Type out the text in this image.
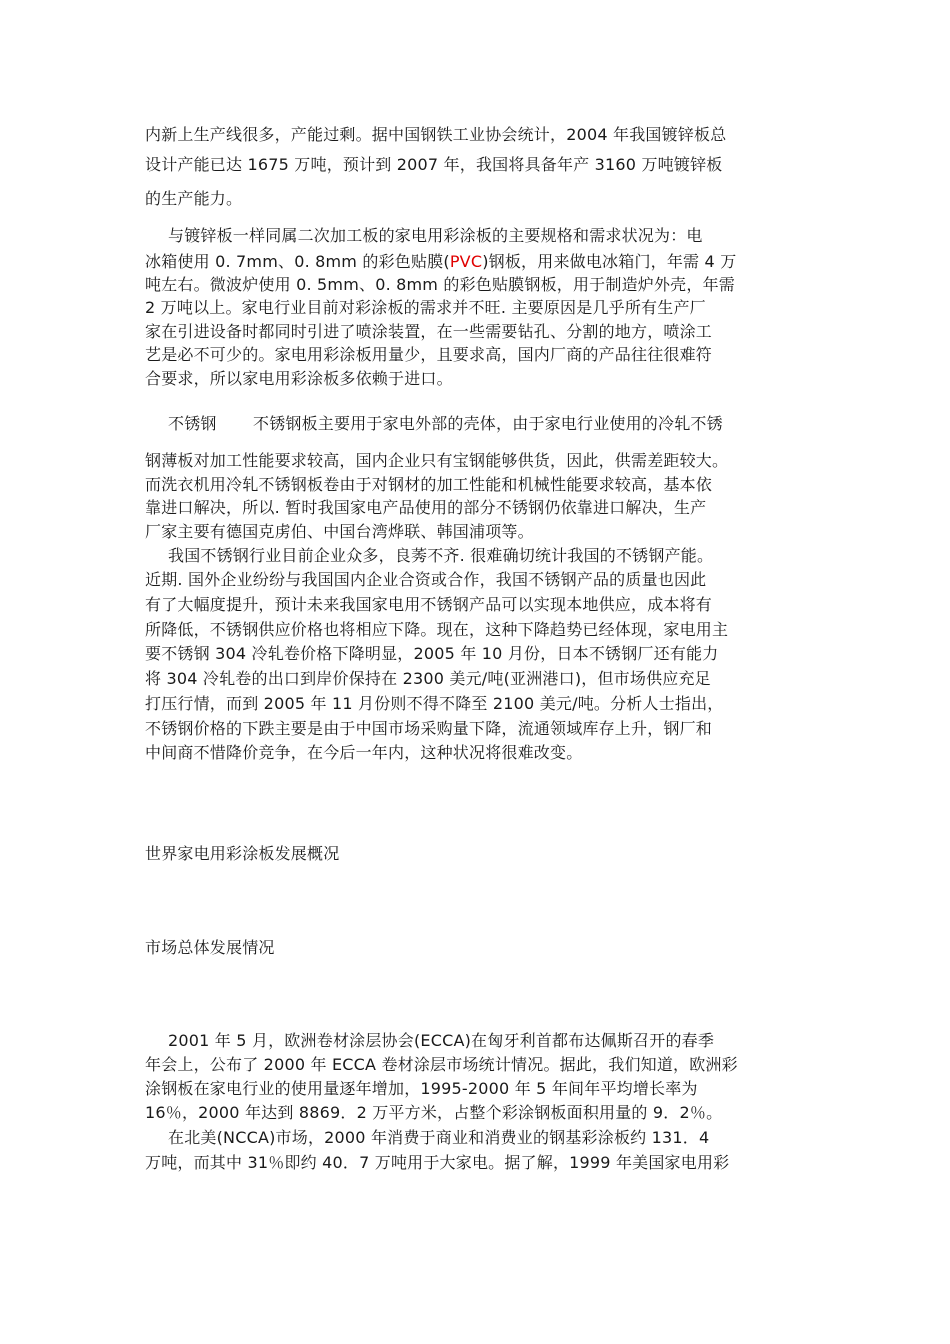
内新上生产线很多，产能过剩。据中国钢铁工业协会统计，2004 年我国镀锌板总
设计产能已达 1675 万吨，预计到 2007 年，我国将具备年产 3160 万吨镀锌板
的生产能力。
与镀锌板一样同属二次加工板的家电用彩涂板的主要规格和需求状况为：电
冰箱使用 0. 7mm、0. 8mm 的彩色贴膜(PVC)钢板，用来做电冰箱门，年需 4 万
吨左右。微波炉使用 0. 5mm、0. 8mm 的彩色贴膜钢板，用于制造炉外壳，年需
2 万吨以上。家电行业目前对彩涂板的需求并不旺. 主要原因是几乎所有生产厂
家在引进设备时都同时引进了喷涂装置，在一些需要钻孔、分割的地方，喷涂工
艺是必不可少的。家电用彩涂板用量少，且要求高，国内厂商的产品往往很难符
合要求，所以家电用彩涂板多依赖于进口。
不锈钢 不锈钢板主要用于家电外部的壳体，由于家电行业使用的冷轧不锈
钢薄板对加工性能要求较高，国内企业只有宝钢能够供货，因此，供需差距较大。
而洗衣机用冷轧不锈钢板卷由于对钢材的加工性能和机械性能要求较高，基本依
靠进口解决，所以. 暂时我国家电产品使用的部分不锈钢仍依靠进口解决，生产
厂家主要有德国克虏伯、中国台湾烨联、韩国浦项等。
我国不锈钢行业目前企业众多，良莠不齐. 很难确切统计我国的不锈钢产能。
近期. 国外企业纷纷与我国国内企业合资或合作，我国不锈钢产品的质量也因此
有了大幅度提升，预计未来我国家电用不锈钢产品可以实现本地供应，成本将有
所降低，不锈钢供应价格也将相应下降。现在，这种下降趋势已经体现，家电用主
要不锈钢 304 冷轧卷价格下降明显，2005 年 10 月份，日本不锈钢厂还有能力
将 304 冷轧卷的出口到岸价保持在 2300 美元/吨(亚洲港口)，但市场供应充足
打压行情，而到 2005 年 11 月份则不得不降至 2100 美元/吨。分析人士指出，
不锈钢价格的下跌主要是由于中国市场采购量下降，流通领域库存上升，钢厂和
中间商不惜降价竞争，在今后一年内，这种状况将很难改变。
世界家电用彩涂板发展概况
市场总体发展情况
2001 年 5 月，欧洲卷材涂层协会(ECCA)在匈牙利首都布达佩斯召开的春季
年会上，公布了 2000 年 ECCA 卷材涂层市场统计情况。据此，我们知道，欧洲彩
涂钢板在家电行业的使用量逐年增加，1995-2000 年 5 年间年平均增长率为
16％，2000 年达到 8869．2 万平方米，占整个彩涂钢板面积用量的 9．2％。
在北美(NCCA)市场，2000 年消费于商业和消费业的钢基彩涂板约 131．4
万吨，而其中 31％即约 40．7 万吨用于大家电。据了解，1999 年美国家电用彩
